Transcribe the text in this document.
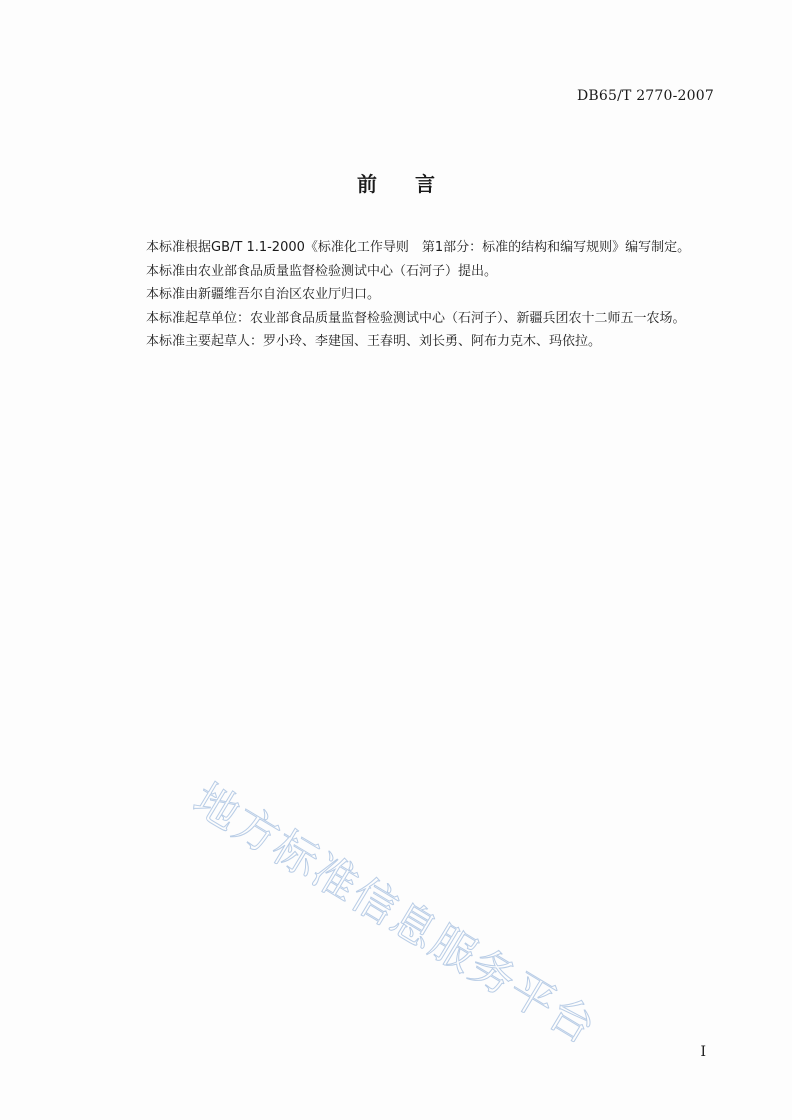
DB65/T 2770-2007
前言
本标准根据GB/T 1.1-2000《标准化工作导则　第1部分：标准的结构和编写规则》编写制定。
本标准由农业部食品质量监督检验测试中心（石河子）提出。
本标准由新疆维吾尔自治区农业厅归口。
本标准起草单位：农业部食品质量监督检验测试中心（石河子）、新疆兵团农十二师五一农场。
本标准主要起草人：罗小玲、李建国、王春明、刘长勇、阿布力克木、玛依拉。
地方标准信息服务平台	I
